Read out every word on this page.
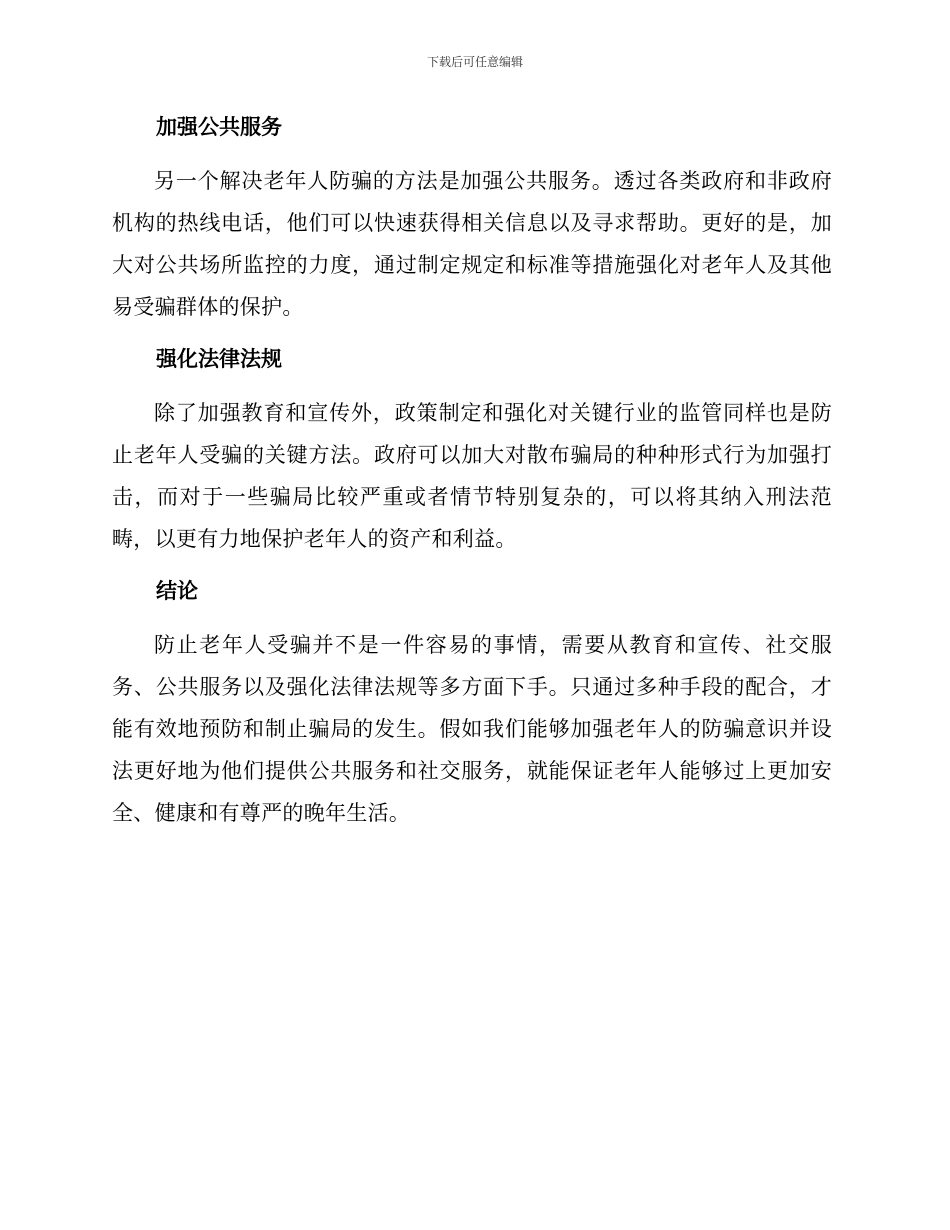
下载后可任意编辑
加强公共服务

另一个解决老年人防骗的方法是加强公共服务。透过各类政府和非政府机构的热线电话，他们可以快速获得相关信息以及寻求帮助。更好的是，加大对公共场所监控的力度，通过制定规定和标准等措施强化对老年人及其他易受骗群体的保护。

强化法律法规

除了加强教育和宣传外，政策制定和强化对关键行业的监管同样也是防止老年人受骗的关键方法。政府可以加大对散布骗局的种种形式行为加强打击，而对于一些骗局比较严重或者情节特别复杂的，可以将其纳入刑法范畴，以更有力地保护老年人的资产和利益。

结论

防止老年人受骗并不是一件容易的事情，需要从教育和宣传、社交服务、公共服务以及强化法律法规等多方面下手。只通过多种手段的配合，才能有效地预防和制止骗局的发生。假如我们能够加强老年人的防骗意识并设法更好地为他们提供公共服务和社交服务，就能保证老年人能够过上更加安全、健康和有尊严的晚年生活。
